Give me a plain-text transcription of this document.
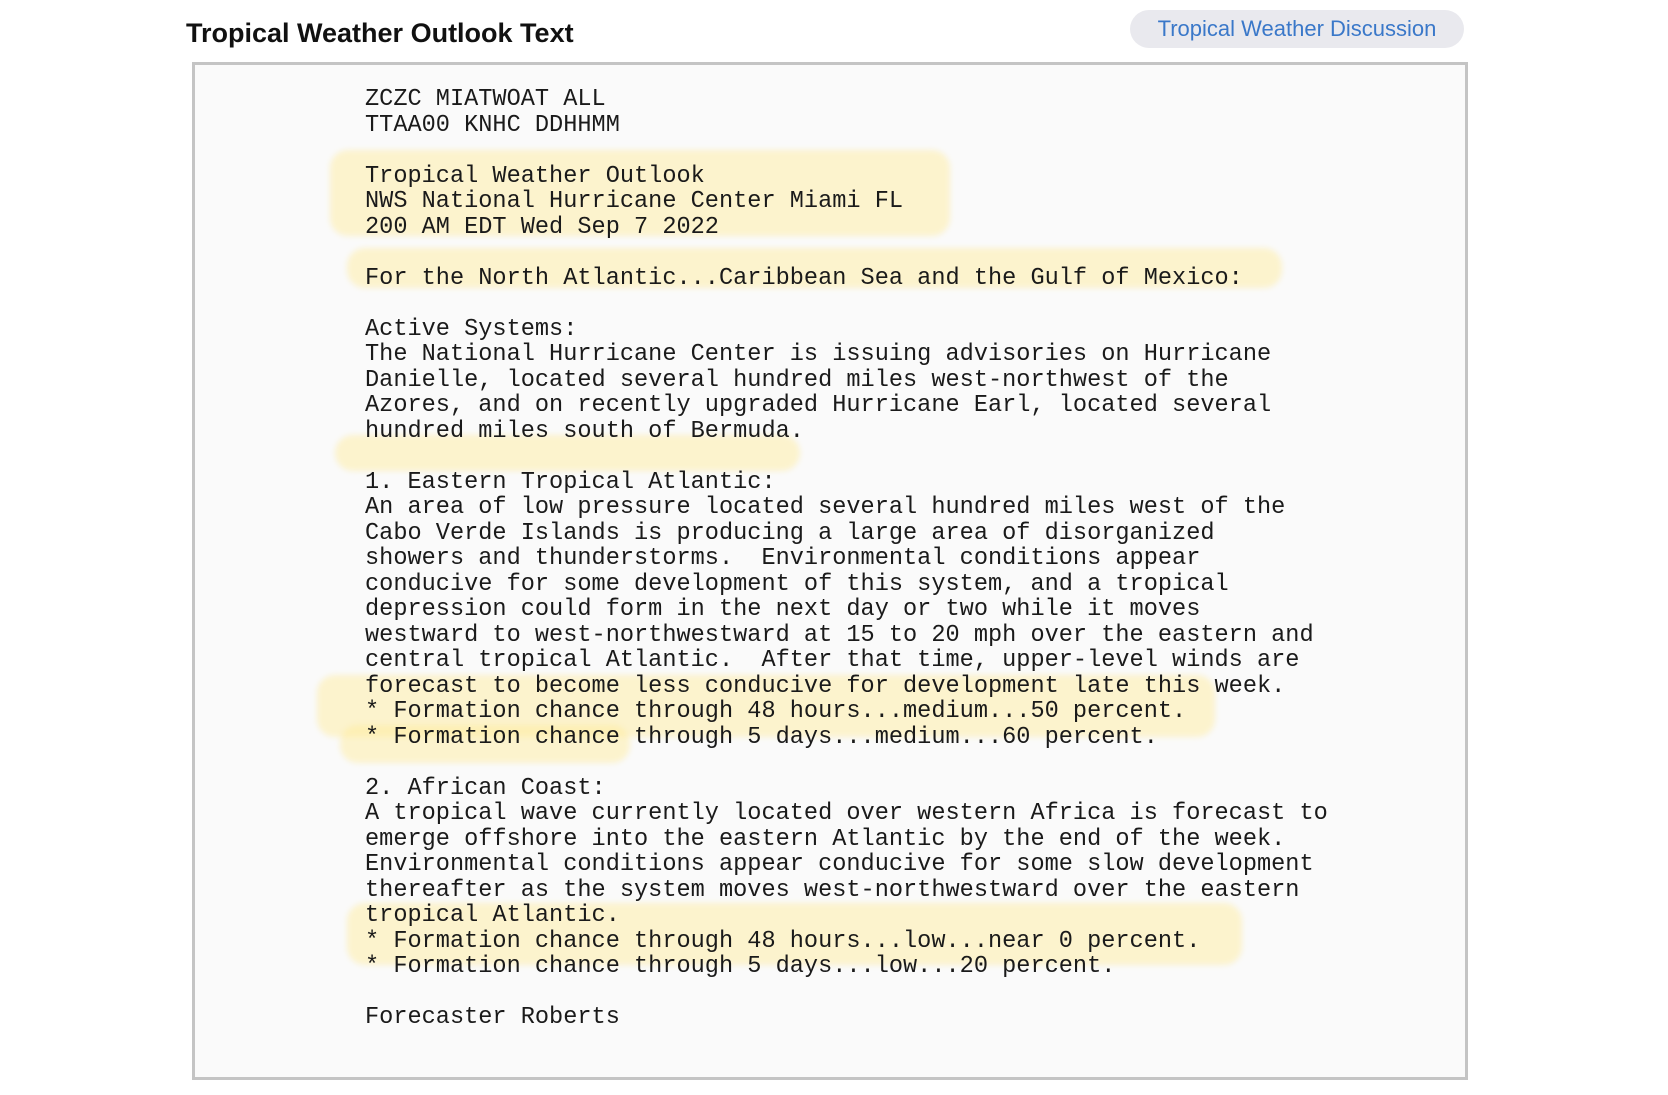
Tropical Weather Outlook Text	Tropical Weather Discussion
ZCZC MIATWOAT ALL
TTAA00 KNHC DDHHMM
Tropical Weather Outlook
NWS National Hurricane Center Miami FL
200 AM EDT Wed Sep 7 2022
For the North Atlantic...Caribbean Sea and the Gulf of Mexico:
Active Systems:
The National Hurricane Center is issuing advisories on Hurricane
Danielle, located several hundred miles west-northwest of the
Azores, and on recently upgraded Hurricane Earl, located several
hundred miles south of Bermuda.
1. Eastern Tropical Atlantic:
An area of low pressure located several hundred miles west of the
Cabo Verde Islands is producing a large area of disorganized
showers and thunderstorms.  Environmental conditions appear
conducive for some development of this system, and a tropical
depression could form in the next day or two while it moves
westward to west-northwestward at 15 to 20 mph over the eastern and
central tropical Atlantic.  After that time, upper-level winds are
forecast to become less conducive for development late this week.
* Formation chance through 48 hours...medium...50 percent.
* Formation chance through 5 days...medium...60 percent.
2. African Coast:
A tropical wave currently located over western Africa is forecast to
emerge offshore into the eastern Atlantic by the end of the week.
Environmental conditions appear conducive for some slow development
thereafter as the system moves west-northwestward over the eastern
tropical Atlantic.
* Formation chance through 48 hours...low...near 0 percent.
* Formation chance through 5 days...low...20 percent.
Forecaster Roberts
